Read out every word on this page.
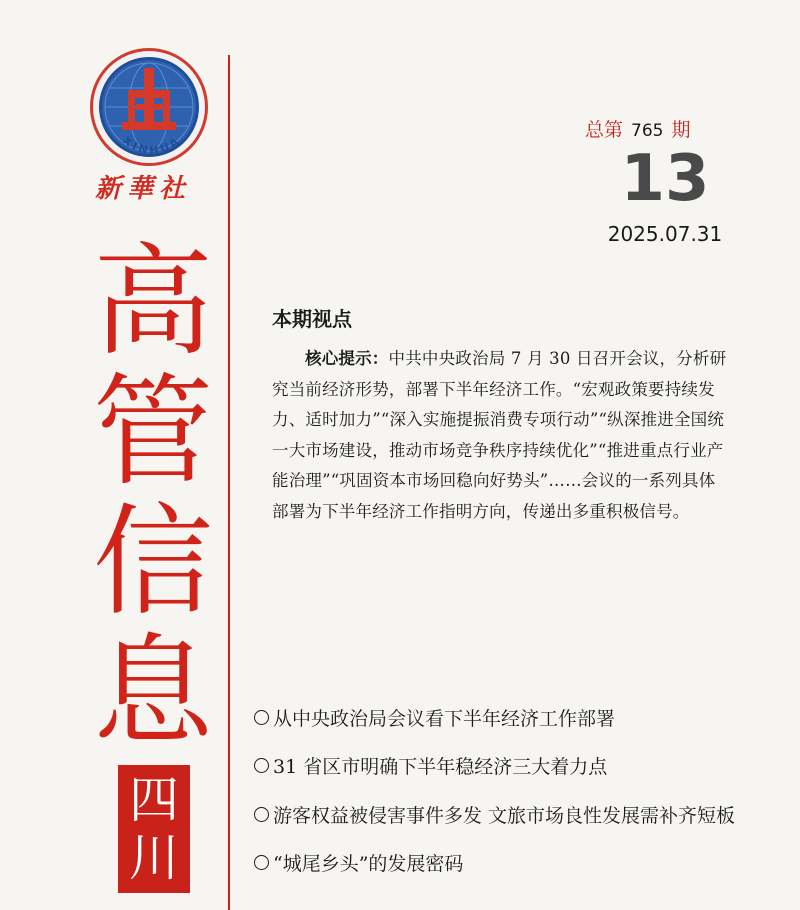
XINHUA
新華社
高
管
信
息
四
川
总第 765 期
13
2025.07.31
本期视点
核心提示：中共中央政治局 7 月 30 日召开会议，分析研究当前经济形势，部署下半年经济工作。“宏观政策要持续发力、适时加力”“深入实施提振消费专项行动”“纵深推进全国统一大市场建设，推动市场竞争秩序持续优化”“推进重点行业产能治理”“巩固资本市场回稳向好势头”……会议的一系列具体部署为下半年经济工作指明方向，传递出多重积极信号。
从中央政治局会议看下半年经济工作部署
31 省区市明确下半年稳经济三大着力点
游客权益被侵害事件多发 文旅市场良性发展需补齐短板
“城尾乡头”的发展密码
